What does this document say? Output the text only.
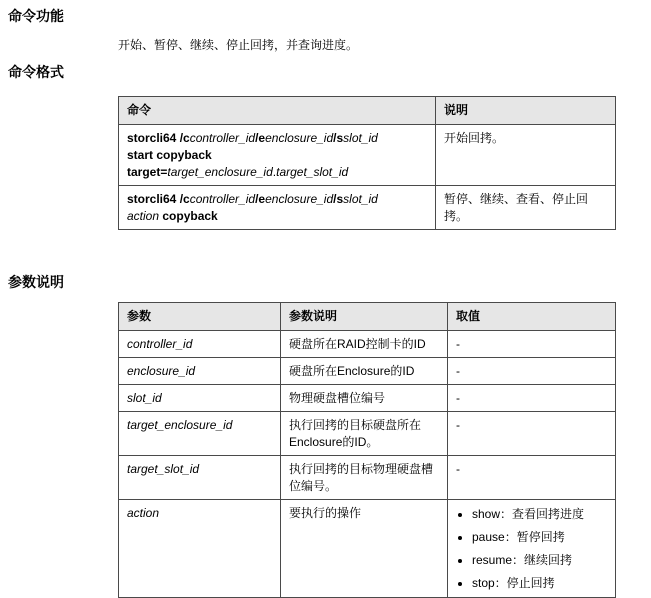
命令功能

开始、暂停、继续、停止回拷，并查询进度。

命令格式
命令	说明
storcli64 /ccontroller_id/eenclosure_id/sslot_id
start copyback
target=target_enclosure_id.target_slot_id	开始回拷。
storcli64 /ccontroller_id/eenclosure_id/sslot_id
action copyback	暂停、继续、查看、停止回拷。
参数说明
参数	参数说明	取值
controller_id	硬盘所在RAID控制卡的ID	-
enclosure_id	硬盘所在Enclosure的ID	-
slot_id	物理硬盘槽位编号	-
target_enclosure_id	执行回拷的目标硬盘所在Enclosure的ID。	-
target_slot_id	执行回拷的目标物理硬盘槽位编号。	-
action	要执行的操作	
•show：查看回拷进度
• pause：暂停回拷
• resume：继续回拷
• stop：停止回拷
